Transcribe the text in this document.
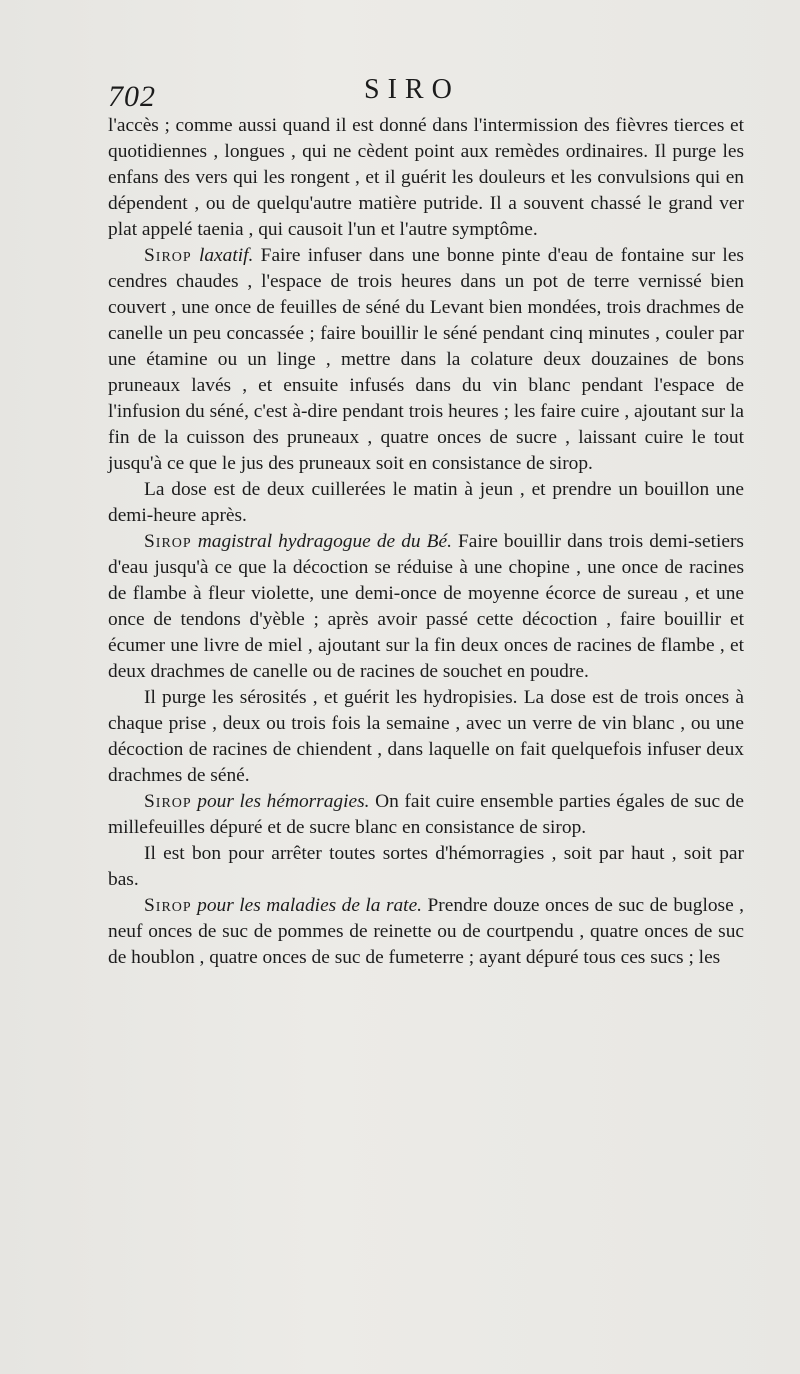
702	SIRO

l'accès ; comme aussi quand il est donné dans l'intermission des fièvres tierces et quotidiennes , longues , qui ne cèdent point aux remèdes ordinaires. Il purge les enfans des vers qui les rongent , et il guérit les douleurs et les convulsions qui en dépendent , ou de quelqu'autre matière putride. Il a souvent chassé le grand ver plat appelé taenia , qui causoit l'un et l'autre symptôme.

Sirop laxatif. Faire infuser dans une bonne pinte d'eau de fontaine sur les cendres chaudes , l'espace de trois heures dans un pot de terre vernissé bien couvert , une once de feuilles de séné du Levant bien mondées, trois drachmes de canelle un peu concassée ; faire bouillir le séné pendant cinq minutes , couler par une étamine ou un linge , mettre dans la colature deux douzaines de bons pruneaux lavés , et ensuite infusés dans du vin blanc pendant l'espace de l'infusion du séné, c'est à-dire pendant trois heures ; les faire cuire , ajoutant sur la fin de la cuisson des pruneaux , quatre onces de sucre , laissant cuire le tout jusqu'à ce que le jus des pruneaux soit en consistance de sirop.

La dose est de deux cuillerées le matin à jeun , et prendre un bouillon une demi-heure après.

Sirop magistral hydragogue de du Bé. Faire bouillir dans trois demi-setiers d'eau jusqu'à ce que la décoction se réduise à une chopine , une once de racines de flambe à fleur violette, une demi-once de moyenne écorce de sureau , et une once de tendons d'yèble ; après avoir passé cette décoction , faire bouillir et écumer une livre de miel , ajoutant sur la fin deux onces de racines de flambe , et deux drachmes de canelle ou de racines de souchet en poudre.

Il purge les sérosités , et guérit les hydropisies. La dose est de trois onces à chaque prise , deux ou trois fois la semaine , avec un verre de vin blanc , ou une décoction de racines de chiendent , dans laquelle on fait quelquefois infuser deux drachmes de séné.

Sirop pour les hémorragies. On fait cuire ensemble parties égales de suc de millefeuilles dépuré et de sucre blanc en consistance de sirop.

Il est bon pour arrêter toutes sortes d'hémorragies , soit par haut , soit par bas.

Sirop pour les maladies de la rate. Prendre douze onces de suc de buglose , neuf onces de suc de pommes de reinette ou de courtpendu , quatre onces de suc de houblon , quatre onces de suc de fumeterre ; ayant dépuré tous ces sucs ; les
